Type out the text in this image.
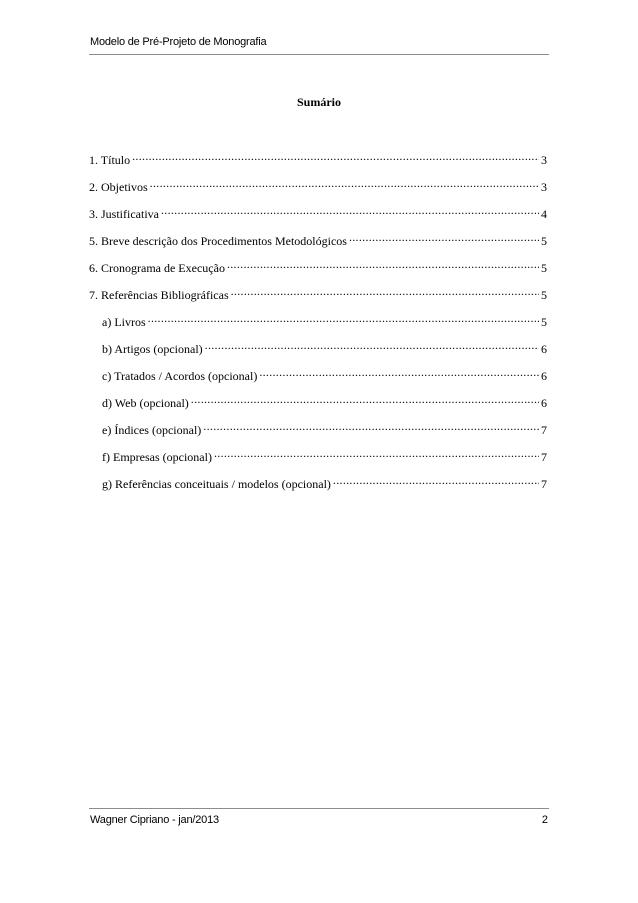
Modelo de Pré-Projeto de Monografia
Sumário
1. Título .....	3
2. Objetivos .....	3
3. Justificativa .....	4
5. Breve descrição dos Procedimentos Metodológicos .....	5
6. Cronograma de Execução .....	5
7. Referências Bibliográficas .....	5
a) Livros .....	5
b) Artigos (opcional) .....	6
c) Tratados / Acordos (opcional) .....	6
d) Web (opcional) .....	6
e) Índices (opcional) .....	7
f) Empresas (opcional) .....	7
g) Referências conceituais / modelos (opcional) .....	7
Wagner Cipriano - jan/2013	2
